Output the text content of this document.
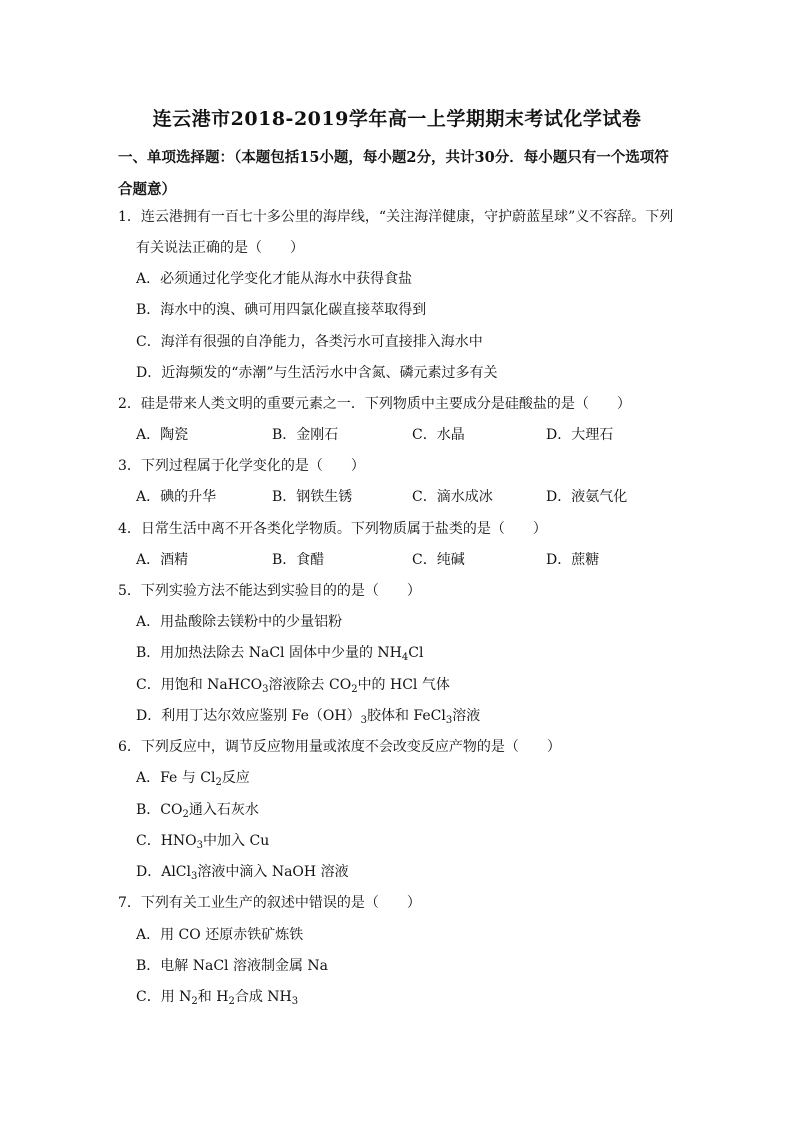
连云港市2018-2019学年高一上学期期末考试化学试卷
一、单项选择题：（本题包括15小题，每小题2分，共计30分．每小题只有一个选项符
合题意）
1．连云港拥有一百七十多公里的海岸线，“关注海洋健康，守护蔚蓝星球”义不容辞。下列
有关说法正确的是（　　）
A．必须通过化学变化才能从海水中获得食盐
B．海水中的溴、碘可用四氯化碳直接萃取得到
C．海洋有很强的自净能力，各类污水可直接排入海水中
D．近海频发的“赤潮”与生活污水中含氮、磷元素过多有关
2．硅是带来人类文明的重要元素之一．下列物质中主要成分是硅酸盐的是（　　）
A．陶瓷	B．金刚石	C．水晶	D．大理石
3．下列过程属于化学变化的是（　　）
A．碘的升华	B．钢铁生锈	C．滴水成冰	D．液氨气化
4．日常生活中离不开各类化学物质。下列物质属于盐类的是（　　）
A．酒精	B．食醋	C．纯碱	D．蔗糖
5．下列实验方法不能达到实验目的的是（　　）
A．用盐酸除去镁粉中的少量铝粉
B．用加热法除去 NaCl 固体中少量的 $NH_4Cl$
C．用饱和 NaHCO$_3$溶液除去 $CO_2$中的 HCl 气体
D．利用丁达尔效应鉴别 $Fe(OH)_3$胶体和 FeCl$_3$溶液
6．下列反应中，调节反应物用量或浓度不会改变反应产物的是（　　）
A．Fe 与 $Cl_2$反应
B．$CO_2$通入石灰水
C．$HNO_3$中加入 Cu
D．AlCl$_3$溶液中滴入 NaOH 溶液
7．下列有关工业生产的叙述中错误的是（　　）
A．用 CO 还原赤铁矿炼铁
B．电解 NaCl 溶液制金属 Na
C．用 $N_2$和 $H_2$合成 $NH_3$
